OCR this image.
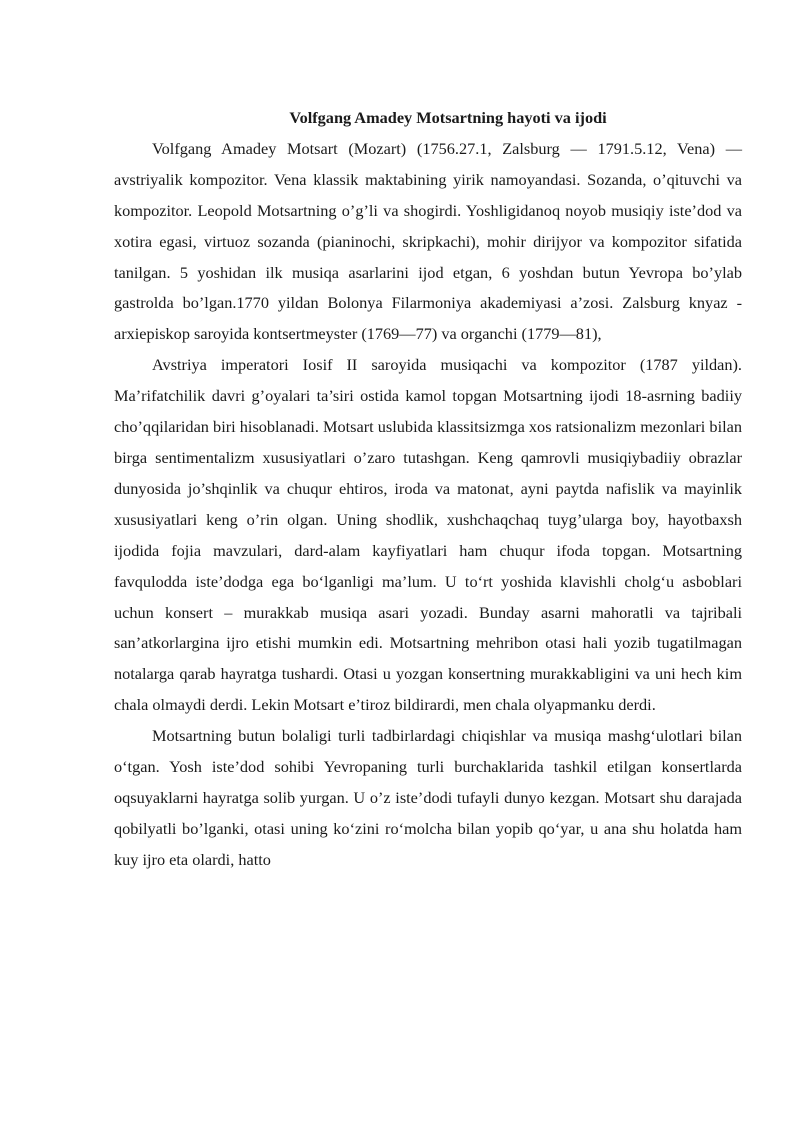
Volfgang Amadey Motsartning hayoti va ijodi

Volfgang Amadey Motsart (Mozart) (1756.27.1, Zalsburg — 1791.5.12, Vena) — avstriyalik kompozitor. Vena klassik maktabining yirik namoyandasi. Sozanda, o’qituvchi va kompozitor. Leopold Motsartning o’g’li va shogirdi. Yoshligidanoq noyob musiqiy iste’dod va xotira egasi, virtuoz sozanda (pianinochi, skripkachi), mohir dirijyor va kompozitor sifatida tanilgan. 5 yoshidan ilk musiqa asarlarini ijod etgan, 6 yoshdan butun Yevropa bo’ylab gastrolda bo’lgan.1770 yildan Bolonya Filarmoniya akademiyasi a’zosi. Zalsburg knyaz - arxiepiskop saroyida kontsertmeyster (1769—77) va organchi (1779—81),

Avstriya imperatori Iosif II saroyida musiqachi va kompozitor (1787 yildan). Ma’rifatchilik davri g’oyalari ta’siri ostida kamol topgan Motsartning ijodi 18-asrning badiiy cho’qqilaridan biri hisoblanadi. Motsart uslubida klassitsizmga xos ratsionalizm mezonlari bilan birga sentimentalizm xususiyatlari o’zaro tutashgan. Keng qamrovli musiqiybadiiy obrazlar dunyosida jo’shqinlik va chuqur ehtiros, iroda va matonat, ayni paytda nafislik va mayinlik xususiyatlari keng o’rin olgan. Uning shodlik, xushchaqchaq tuyg’ularga boy, hayotbaxsh ijodida fojia mavzulari, dard-alam kayfiyatlari ham chuqur ifoda topgan. Motsartning favqulodda iste’dodga ega bo‘lganligi ma’lum. U to‘rt yoshida klavishli cholg‘u asboblari uchun konsert – murakkab musiqa asari yozadi. Bunday asarni mahoratli va tajribali san’atkorlargina ijro etishi mumkin edi. Motsartning mehribon otasi hali yozib tugatilmagan notalarga qarab hayratga tushardi. Otasi u yozgan konsertning murakkabligini va uni hech kim chala olmaydi derdi. Lekin Motsart e’tiroz bildirardi, men chala olyapmanku derdi.

Motsartning butun bolaligi turli tadbirlardagi chiqishlar va musiqa mashg‘ulotlari bilan o‘tgan. Yosh iste’dod sohibi Yevropaning turli burchaklarida tashkil etilgan konsertlarda oqsuyaklarni hayratga solib yurgan. U o’z iste’dodi tufayli dunyo kezgan. Motsart shu darajada qobilyatli bo’lganki, otasi uning ko‘zini ro‘molcha bilan yopib qo‘yar, u ana shu holatda ham kuy ijro eta olardi, hatto
